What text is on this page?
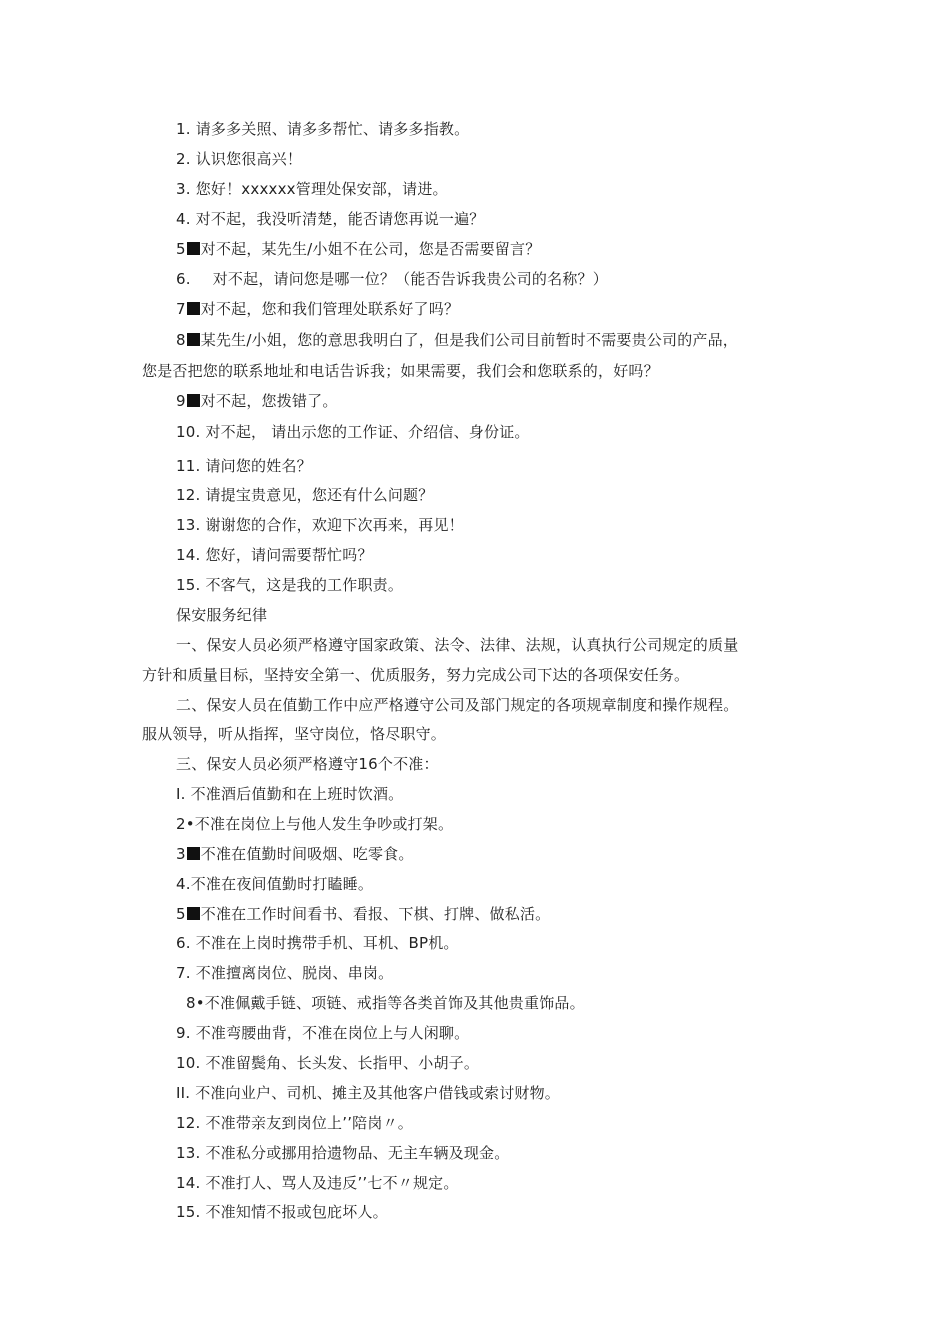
1. 请多多关照、请多多帮忙、请多多指教。
2. 认识您很高兴！
3. 您好！xxxxxx管理处保安部，请进。
4. 对不起，我没听清楚，能否请您再说一遍？
5 对不起，某先生/小姐不在公司，您是否需要留言？
6. 对不起，请问您是哪一位？（能否告诉我贵公司的名称？）
7 对不起，您和我们管理处联系好了吗？
8 某先生/小姐，您的意思我明白了，但是我们公司目前暂时不需要贵公司的产品，
您是否把您的联系地址和电话告诉我；如果需要，我们会和您联系的，好吗？
9 对不起，您拨错了。
10. 对不起， 请出示您的工作证、介绍信、身份证。
11. 请问您的姓名？
12. 请提宝贵意见，您还有什么问题？
13. 谢谢您的合作，欢迎下次再来，再见！
14. 您好，请问需要帮忙吗？
15. 不客气，这是我的工作职责。
保安服务纪律
一、保安人员必须严格遵守国家政策、法令、法律、法规，认真执行公司规定的质量
方针和质量目标，坚持安全第一、优质服务，努力完成公司下达的各项保安任务。
二、保安人员在值勤工作中应严格遵守公司及部门规定的各项规章制度和操作规程。
服从领导，听从指挥，坚守岗位，恪尽职守。
三、保安人员必须严格遵守16个不准：
I. 不准酒后值勤和在上班时饮酒。
2•不准在岗位上与他人发生争吵或打架。
3 不准在值勤时间吸烟、吃零食。
4.不准在夜间值勤时打瞌睡。
5 不准在工作时间看书、看报、下棋、打牌、做私活。
6. 不准在上岗时携带手机、耳机、BP机。
7. 不准擅离岗位、脱岗、串岗。
8•不准佩戴手链、项链、戒指等各类首饰及其他贵重饰品。
9. 不准弯腰曲背，不准在岗位上与人闲聊。
10. 不准留鬓角、长头发、长指甲、小胡子。
II. 不准向业户、司机、摊主及其他客户借钱或索讨财物。
12. 不准带亲友到岗位上’’陪岗〃。
13. 不准私分或挪用拾遗物品、无主车辆及现金。
14. 不准打人、骂人及违反’’七不〃规定。
15. 不准知情不报或包庇坏人。
